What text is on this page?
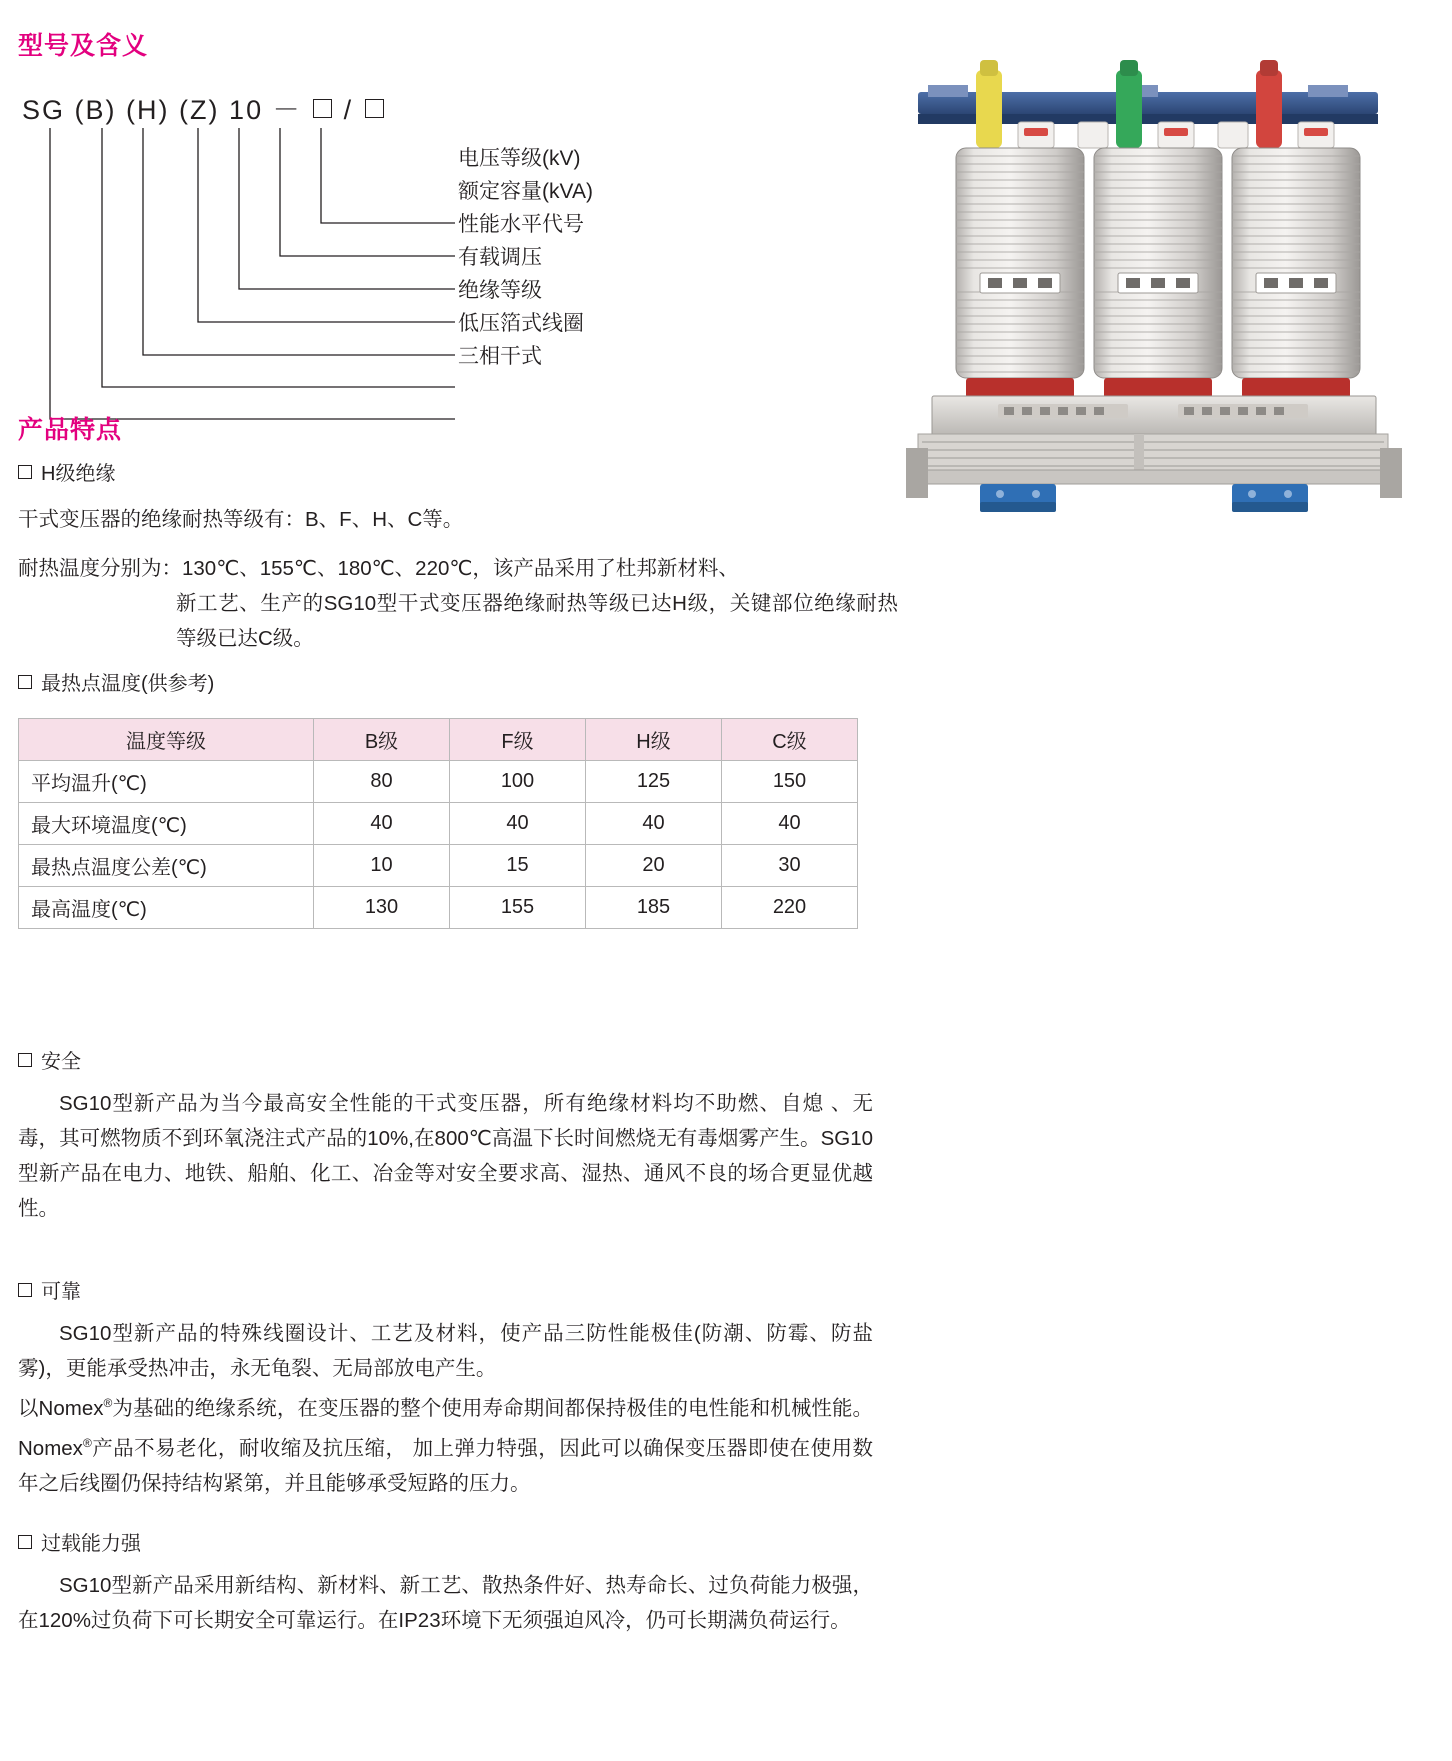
型号及含义
SG (B) (H) (Z) 10 － /
电压等级(kV)
额定容量(kVA)
性能水平代号
有载调压
绝缘等级
低压箔式线圈
三相干式
产品特点
H级绝缘
干式变压器的绝缘耐热等级有：B、F、H、C等。
耐热温度分别为：130℃、155℃、180℃、220℃，该产品采用了杜邦新材料、
新工艺、生产的SG10型干式变压器绝缘耐热等级已达H级，关键部位绝缘耐热等级已达C级。
最热点温度(供参考)
温度等级	B级	F级	H级	C级
平均温升(℃)	80	100	125	150
最大环境温度(℃)	40	40	40	40
最热点温度公差(℃)	10	15	20	30
最高温度(℃)	130	155	185	220
安全
SG10型新产品为当今最高安全性能的干式变压器，所有绝缘材料均不助燃、自熄 、无毒，其可燃物质不到环氧浇注式产品的10%,在800℃高温下长时间燃烧无有毒烟雾产生。SG10型新产品在电力、地铁、船舶、化工、冶金等对安全要求高、湿热、通风不良的场合更显优越性。
可靠
SG10型新产品的特殊线圈设计、工艺及材料，使产品三防性能极佳(防潮、防霉、防盐雾)，更能承受热冲击，永无龟裂、无局部放电产生。
以Nomex®为基础的绝缘系统，在变压器的整个使用寿命期间都保持极佳的电性能和机械性能。Nomex®产品不易老化，耐收缩及抗压缩， 加上弹力特强，因此可以确保变压器即使在使用数年之后线圈仍保持结构紧第，并且能够承受短路的压力。
过载能力强
SG10型新产品采用新结构、新材料、新工艺、散热条件好、热寿命长、过负荷能力极强，在120%过负荷下可长期安全可靠运行。在IP23环境下无须强迫风冷，仍可长期满负荷运行。
